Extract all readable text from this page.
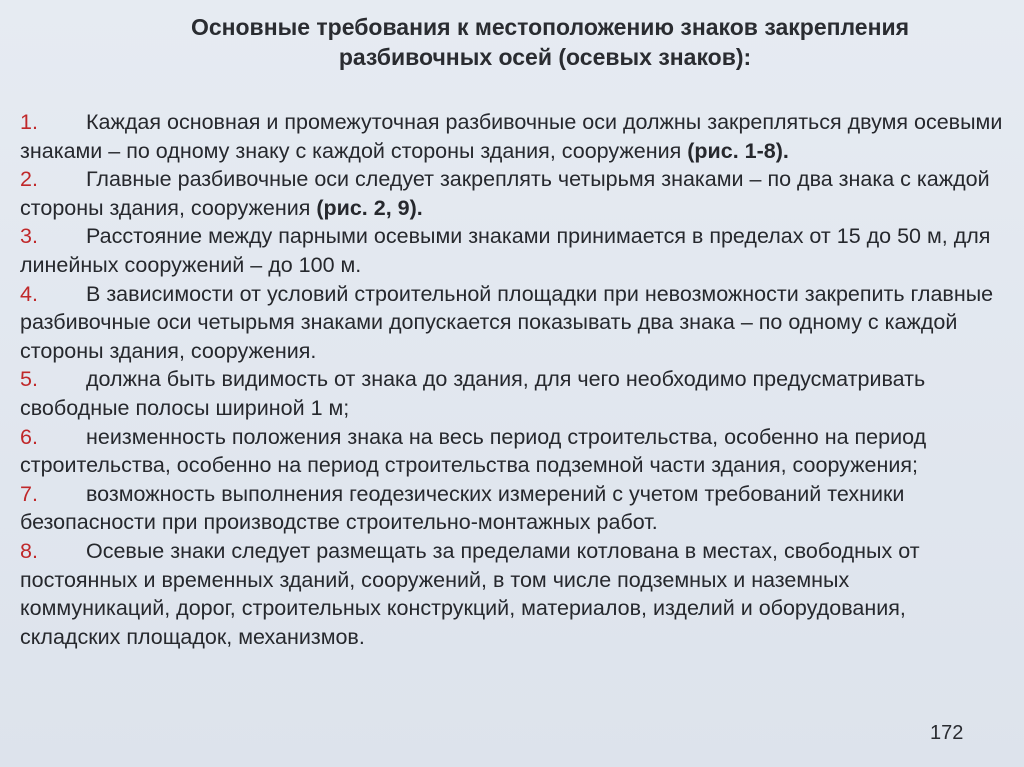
Основные требования к местоположению знаков закрепления
разбивочных осей (осевых знаков):

1. Каждая основная и промежуточная разбивочные оси должны закрепляться двумя осевыми знаками – по одному знаку с каждой стороны здания, сооружения (рис. 1-8).

2. Главные разбивочные оси следует закреплять четырьмя знаками – по два знака с каждой стороны здания, сооружения (рис. 2, 9).

3. Расстояние между парными осевыми знаками принимается в пределах от 15 до 50 м, для линейных сооружений – до 100 м.

4. В зависимости от условий строительной площадки при невозможности закрепить главные разбивочные оси четырьмя знаками допускается показывать два знака – по одному с каждой стороны здания, сооружения.

5. должна быть видимость от знака до здания, для чего необходимо предусматривать свободные полосы шириной 1 м;

6. неизменность положения знака на весь период строительства, особенно на период строительства, особенно на период строительства подземной части здания, сооружения;

7. возможность выполнения геодезических измерений с учетом требований техники безопасности при производстве строительно-монтажных работ.

8. Осевые знаки следует размещать за пределами котлована в местах, свободных от постоянных и временных зданий, сооружений, в том числе подземных и наземных коммуникаций, дорог, строительных конструкций, материалов, изделий и оборудования, складских площадок, механизмов.

172
